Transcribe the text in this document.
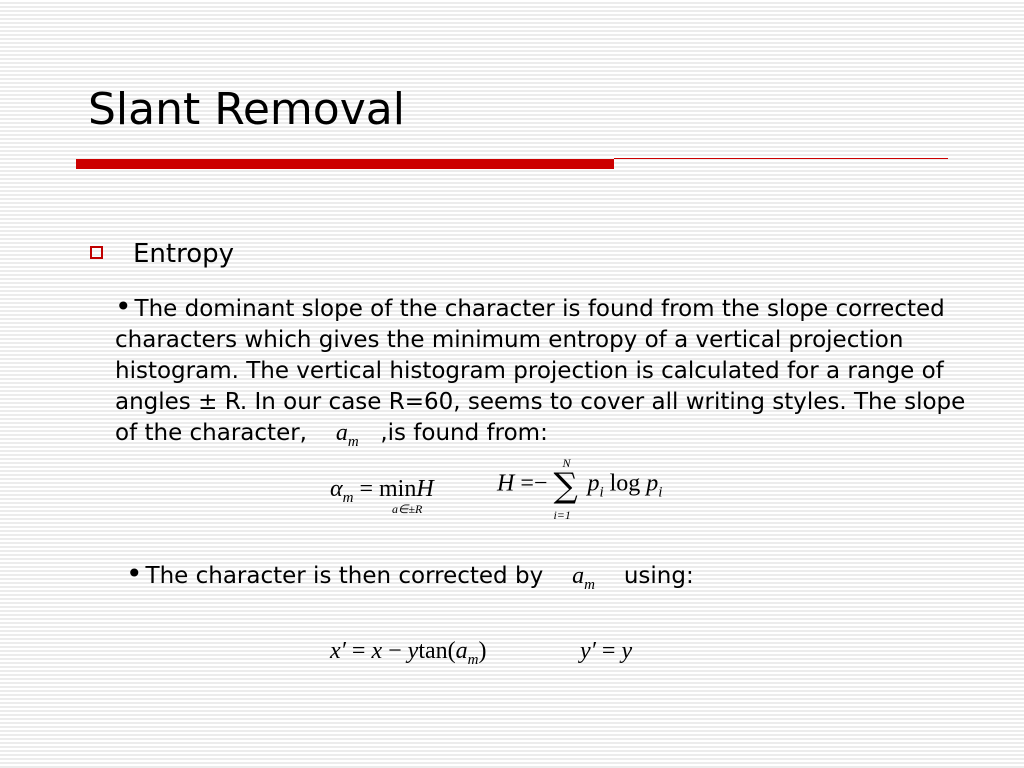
Slant Removal
Entropy
• The dominant slope of the character is found from the slope corrected characters which gives the minimum entropy of a vertical projection histogram. The vertical histogram projection is calculated for a range of angles ± R. In our case R=60, seems to cover all writing styles. The slope of the character, $a_m$ ,is found from:
$\alpha_m = \min H$
a∈±R
H =− ∑
N
i=1
$p_i$ $\log p_i$
• The character is then corrected by $a_m$ using:
$x' = x - ytan(a_m)$	y′ = y
